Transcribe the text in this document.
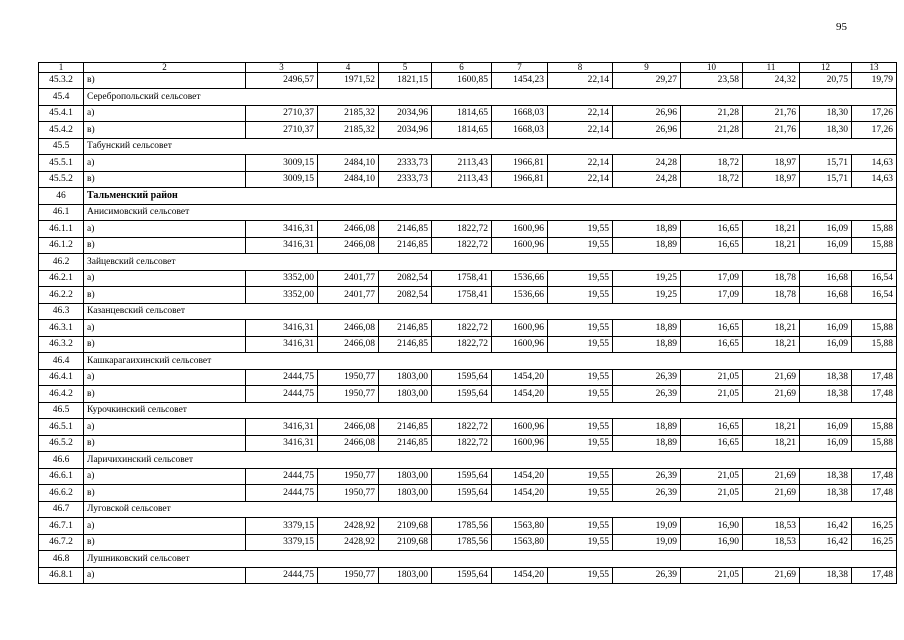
95
1	2	3	4	5	6	7	8	9	10	11	12	13
45.3.2	в)	2496,57	1971,52	1821,15	1600,85	1454,23	22,14	29,27	23,58	24,32	20,75	19,79
45.4	Серебропольский сельсовет											
45.4.1	а)	2710,37	2185,32	2034,96	1814,65	1668,03	22,14	26,96	21,28	21,76	18,30	17,26
45.4.2	в)	2710,37	2185,32	2034,96	1814,65	1668,03	22,14	26,96	21,28	21,76	18,30	17,26
45.5	Табунский сельсовет											
45.5.1	а)	3009,15	2484,10	2333,73	2113,43	1966,81	22,14	24,28	18,72	18,97	15,71	14,63
45.5.2	в)	3009,15	2484,10	2333,73	2113,43	1966,81	22,14	24,28	18,72	18,97	15,71	14,63
46	Тальменский район											
46.1	Анисимовский сельсовет											
46.1.1	а)	3416,31	2466,08	2146,85	1822,72	1600,96	19,55	18,89	16,65	18,21	16,09	15,88
46.1.2	в)	3416,31	2466,08	2146,85	1822,72	1600,96	19,55	18,89	16,65	18,21	16,09	15,88
46.2	Зайцевский сельсовет											
46.2.1	а)	3352,00	2401,77	2082,54	1758,41	1536,66	19,55	19,25	17,09	18,78	16,68	16,54
46.2.2	в)	3352,00	2401,77	2082,54	1758,41	1536,66	19,55	19,25	17,09	18,78	16,68	16,54
46.3	Казанцевский сельсовет											
46.3.1	а)	3416,31	2466,08	2146,85	1822,72	1600,96	19,55	18,89	16,65	18,21	16,09	15,88
46.3.2	в)	3416,31	2466,08	2146,85	1822,72	1600,96	19,55	18,89	16,65	18,21	16,09	15,88
46.4	Кашкарагаихинский сельсовет											
46.4.1	а)	2444,75	1950,77	1803,00	1595,64	1454,20	19,55	26,39	21,05	21,69	18,38	17,48
46.4.2	в)	2444,75	1950,77	1803,00	1595,64	1454,20	19,55	26,39	21,05	21,69	18,38	17,48
46.5	Курочкинский сельсовет											
46.5.1	а)	3416,31	2466,08	2146,85	1822,72	1600,96	19,55	18,89	16,65	18,21	16,09	15,88
46.5.2	в)	3416,31	2466,08	2146,85	1822,72	1600,96	19,55	18,89	16,65	18,21	16,09	15,88
46.6	Ларичихинский сельсовет											
46.6.1	а)	2444,75	1950,77	1803,00	1595,64	1454,20	19,55	26,39	21,05	21,69	18,38	17,48
46.6.2	в)	2444,75	1950,77	1803,00	1595,64	1454,20	19,55	26,39	21,05	21,69	18,38	17,48
46.7	Луговской сельсовет											
46.7.1	а)	3379,15	2428,92	2109,68	1785,56	1563,80	19,55	19,09	16,90	18,53	16,42	16,25
46.7.2	в)	3379,15	2428,92	2109,68	1785,56	1563,80	19,55	19,09	16,90	18,53	16,42	16,25
46.8	Лушниковский сельсовет											
46.8.1	а)	2444,75	1950,77	1803,00	1595,64	1454,20	19,55	26,39	21,05	21,69	18,38	17,48
